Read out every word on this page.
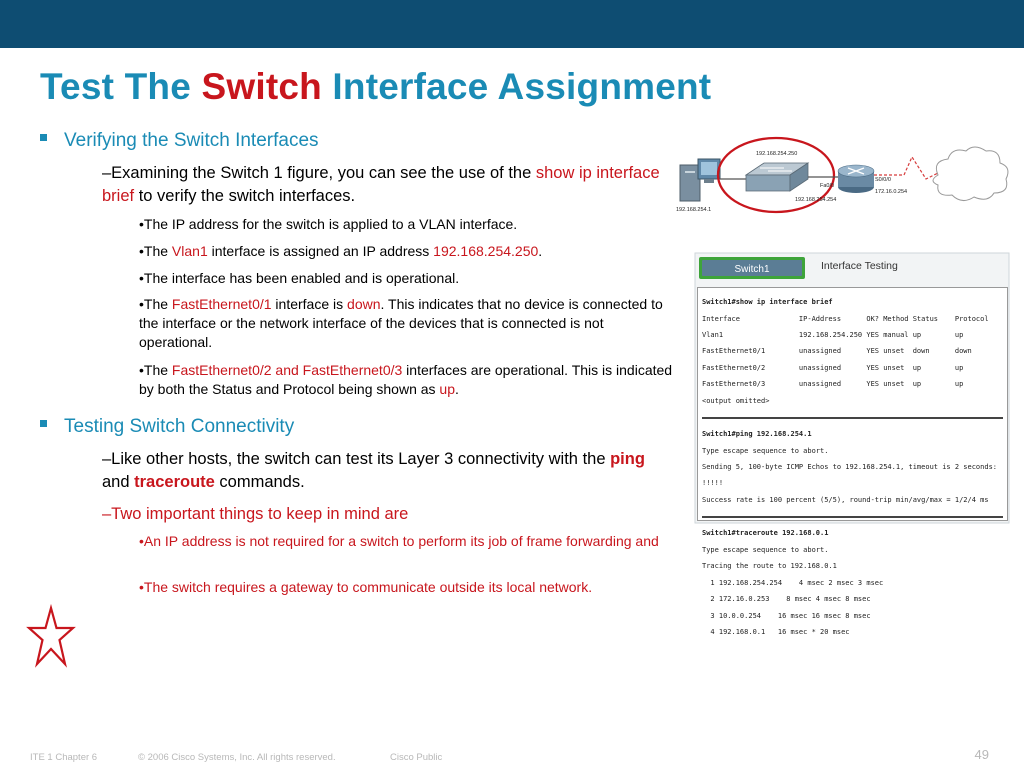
Test The Switch Interface Assignment
Verifying the Switch Interfaces
–Examining the Switch 1 figure, you can see the use of the show ip interface brief to verify the switch interfaces.
•The IP address for the switch is applied to a VLAN interface.
•The Vlan1 interface is assigned an IP address 192.168.254.250.
•The interface has been enabled and is operational.
•The FastEthernet0/1 interface is down. This indicates that no device is connected to the interface or the network interface of the devices that is connected is not operational.
•The FastEthernet0/2 and FastEthernet0/3 interfaces are operational. This is indicated by both the Status and Protocol being shown as up.
Testing Switch Connectivity
–Like other hosts, the switch can test its Layer 3 connectivity with the ping and traceroute commands.
–Two important things to keep in mind are
•An IP address is not required for a switch to perform its job of frame forwarding and
•The switch requires a gateway to communicate outside its local network.
192.168.254.250
192.168.254.1
Fa0/0
192.168.254.254
S0/0/0
172.16.0.254
Switch1	Interface Testing

Switch1#show ip interface brief

Interface              IP-Address      OK? Method Status    Protocol

Vlan1                  192.168.254.250 YES manual up        up

FastEthernet0/1        unassigned      YES unset  down      down

FastEthernet0/2        unassigned      YES unset  up        up

FastEthernet0/3        unassigned      YES unset  up        up

<output omitted>

Switch1#ping 192.168.254.1

Type escape sequence to abort.

Sending 5, 100-byte ICMP Echos to 192.168.254.1, timeout is 2 seconds:

!!!!!

Success rate is 100 percent (5/5), round-trip min/avg/max = 1/2/4 ms

Switch1#traceroute 192.168.0.1

Type escape sequence to abort.

Tracing the route to 192.168.0.1

1 192.168.254.254    4 msec 2 msec 3 msec

2 172.16.0.253    8 msec 4 msec 8 msec

3 10.0.0.254    16 msec 16 msec 8 msec

4 192.168.0.1   16 msec * 20 msec

ITE 1 Chapter 6	© 2006 Cisco Systems, Inc. All rights reserved.	Cisco Public	49
